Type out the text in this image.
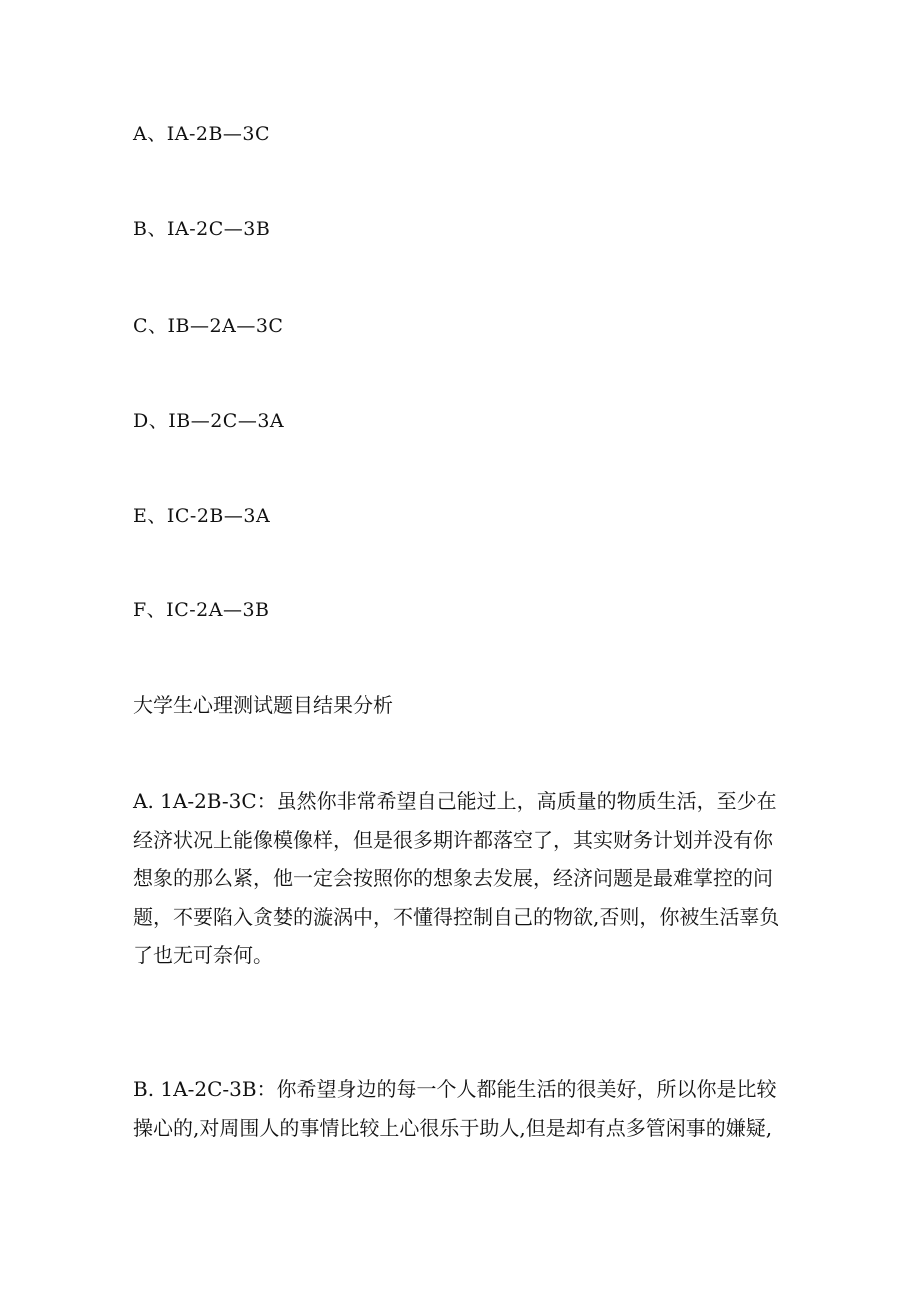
A、IA-2B—3C
B、IA-2C—3B
C、IB—2A—3C
D、IB—2C—3A
E、IC-2B—3A
F、IC-2A—3B
大学生心理测试题目结果分析
A. 1A-2B-3C：虽然你非常希望自己能过上，高质量的物质生活，至少在
经济状况上能像模像样，但是很多期许都落空了，其实财务计划并没有你
想象的那么紧，他一定会按照你的想象去发展，经济问题是最难掌控的问
题，不要陷入贪婪的漩涡中，不懂得控制自己的物欲,否则，你被生活辜负
了也无可奈何。
B. 1A-2C-3B：你希望身边的每一个人都能生活的很美好，所以你是比较
操心的,对周围人的事情比较上心很乐于助人,但是却有点多管闲事的嫌疑,
